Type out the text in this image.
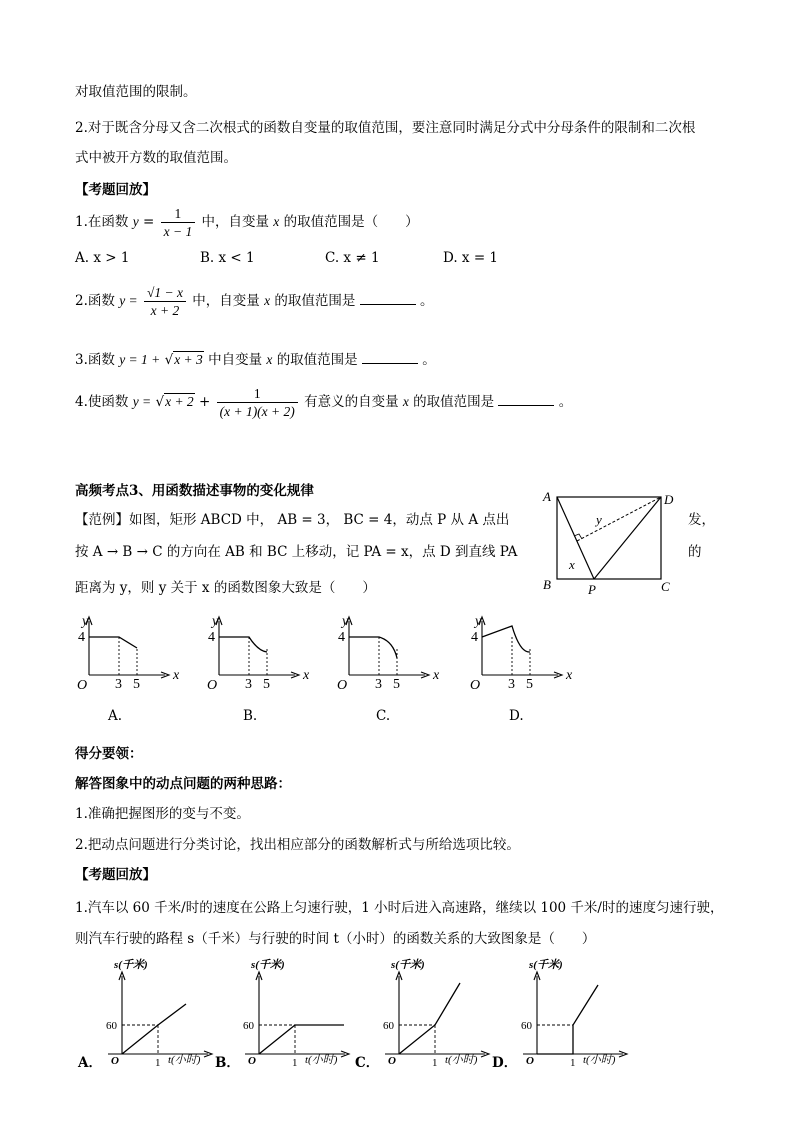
对取值范围的限制。
2.对于既含分母又含二次根式的函数自变量的取值范围，要注意同时满足分式中分母条件的限制和二次根
式中被开方数的取值范围。
【考题回放】
1.在函数 $y = \frac{1}{x - 1}$ 中，自变量 x 的取值范围是（　　）
A. x > 1	B. x < 1	C. x ≠ 1	D. x = 1
2.函数 $y = \frac{√1 - x}{x + 2}$ 中，自变量 x 的取值范围是	。
3.函数 y = 1 + √x + 3 中自变量 x 的取值范围是	。
4.使函数 $y = √x + 2 + \frac{1}{(x + 1)(x + 2)}$ 有意义的自变量 x 的取值范围是	。
高频考点3、用函数描述事物的变化规律
【范例】如图，矩形 ABCD 中， AB = 3， BC = 4，动点 P 从 A 点出	发，
按 A → B → C 的方向在 AB 和 BC 上移动，记 PA = x，点 D 到直线 PA	的
距离为 y，则 y 关于 x 的函数图象大致是（　　）
A	D
B	C
P
x
y
y
x
O
4
3 5
y
x
O
4
3 5
y
x
O
4
3 5
y
x
O
4
3 5
A.	B.	C.	D.
得分要领：
解答图象中的动点问题的两种思路：
1.准确把握图形的变与不变。
2.把动点问题进行分类讨论，找出相应部分的函数解析式与所给选项比较。
【考题回放】
1.汽车以 60 千米/时的速度在公路上匀速行驶，1 小时后进入高速路，继续以 100 千米/时的速度匀速行驶，
则汽车行驶的路程 s（千米）与行驶的时间 t（小时）的函数关系的大致图象是（　　）
s(千米)
t(小时)
O
60
1
s(千米)
t(小时)
O
60
1
s(千米)
t(小时)
O
60
1
s(千米)
t(小时)
O
60
1
A．	B．	C．	D．
